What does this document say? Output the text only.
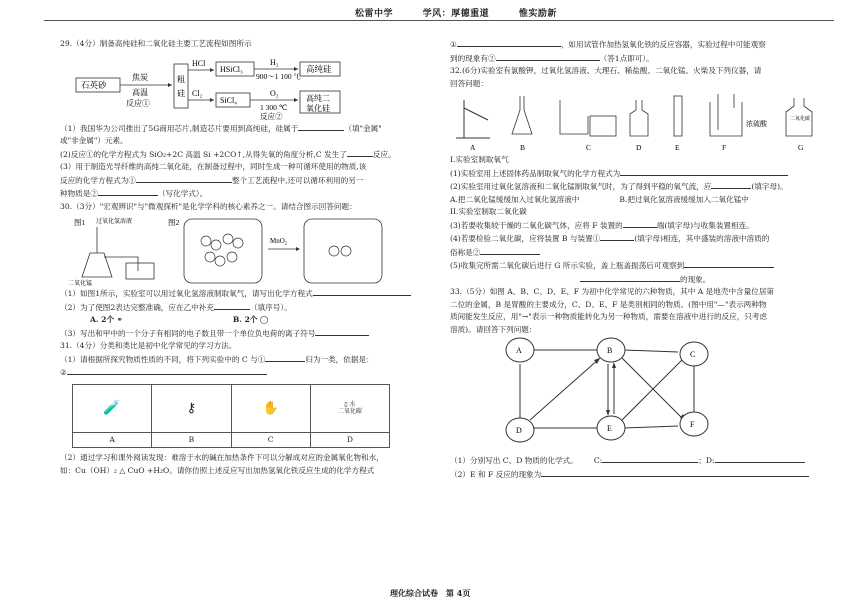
松雷中学	学风：厚德重道	惟实励新

29.（4分）制备高纯硅和二氧化硅主要工艺流程如图所示

石英砂
焦炭
高温
反应①
粗
硅
HCl
HSiCl₃
H₂
900～1 100 ℃
高纯硅
Cl₂
SiCl₄
O₂
1 300 ℃
反应②
高纯二
氧化硅

（1）我国华为公司推出了5G商用芯片,制造芯片要用到高纯硅，硅属于	（填"金属"

或"非金属"）元素。

(2)反应①的化学方程式为 SiO₂+2C 高温 Si +2CO↑,从得失氧的角度分析,C 发生了	反应。

(3）用于制造光导纤维的高纯二氧化硅，在制备过程中，同时生成一种可循环使用的物质,该

反应的化学方程式为①	整个工艺流程中,还可以循环利用的另一

种物质是②	（写化学式）。

30.（3分）"宏观辨识"与"微观探析"是化学学科的核心素养之一。请结合图示回答问题：

图1 过氧化氢溶液
二氧化锰
图2
MnO₂

（1）如图1所示，实验室可以用过氧化氢溶液制取氧气，请写出化学方程式

（2）为了使图2表达完整准确，应在乙中补充	（填序号）。

A. 2个 ⚭	B. 2个 ◯

（3）写出和甲中的一个分子有相同的电子数且带一个单位负电荷的离子符号

31.（4分）分类和类比是初中化学常见的学习方法。

（1）请根据所探究物质性质的不同，将下列实验中的 C 与①	归为一类，依据是：

②

🧪	⚷	✋	▯ 水
二氧化碳
A	B	C	D

（2）通过学习和课外阅读发现：难溶于水的碱在加热条件下可以分解成对应的金属氧化物和水，

如：Cu（OH）₂ △ CuO +H₂O。请你仿照上述反应写出加热氢氧化铁反应生成的化学方程式

①	，如用试管作加热氢氧化铁的反应容器，实验过程中可能观察

到的现象有②	（答1点即可）。

32.(6分)实验室有氯酸钾，过氧化氢溶液、大理石、稀盐酸、二氧化锰、火柴及下列仪器，请

回答问题：

浓硫酸
二氧化碳
A	B	C	D	E	F	G

I.实验室制取氧气

(1)实验室用上述固体药品制取氧气的化学方程式为

(2)实验室用过氧化氢溶液和二氧化锰制取氧气时，为了得到平稳的氧气流，应	(填字母)。

A.把二氧化锰缓缓加入过氧化氢溶液中	B.把过氧化氢溶液缓缓加入二氧化锰中

II.实验室制取二氧化碳

(3)若要收集较干燥的二氧化碳气体，应将 F 装置的	端(填字母)与收集装置相连。

(4)若要检验二氧化碳，应将装置 B 与装置①	(填字母)相连，其中盛装的溶液中溶质的

俗称是②

(5)收集完所需二氧化碳后进行 G 所示实验，盖上瓶盖振荡后可观察到

的现象。

33.（5分）如图 A、B、C、D、E、F 为初中化学常见的六种物质，其中 A 是地壳中含量位居第

二位的金属，B 是胃酸的主要成分，C、D、E、F 是类别相同的物质。(图中用"—"表示两种物

质间能发生反应，用"→"表示一种物质能转化为另一种物质，需要在溶液中进行的反应，只考虑

溶质)。请回答下列问题：

A	B	C
D	E	F

（1）分别写出 C、D 物质的化学式。 C:	；D:

（2）E 和 F 反应的现象为

理化综合试卷　第 4页
